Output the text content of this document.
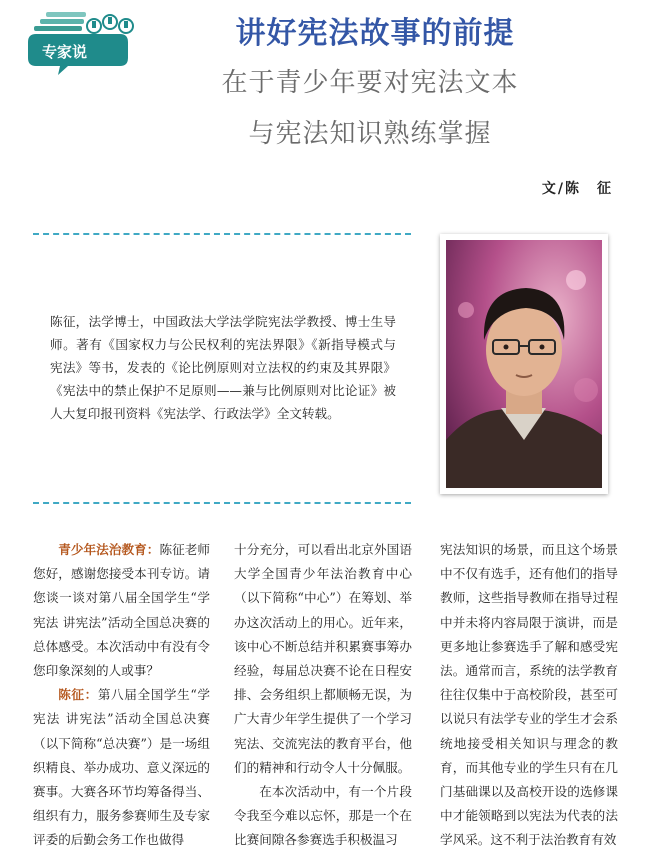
专家说
讲好宪法故事的前提
在于青少年要对宪法文本
与宪法知识熟练掌握
文/陈　征
陈征，法学博士，中国政法大学法学院宪法学教授、博士生导师。著有《国家权力与公民权利的宪法界限》《新指导模式与宪法》等书，发表的《论比例原则对立法权的约束及其界限》《宪法中的禁止保护不足原则——兼与比例原则对比论证》被人大复印报刊资料《宪法学、行政法学》全文转载。

青少年法治教育：陈征老师您好，感谢您接受本刊专访。请您谈一谈对第八届全国学生“学宪法 讲宪法”活动全国总决赛的总体感受。本次活动中有没有令您印象深刻的人或事？

陈征：第八届全国学生“学宪法 讲宪法”活动全国总决赛（以下简称“总决赛”）是一场组织精良、举办成功、意义深远的赛事。大赛各环节均筹备得当、组织有力，服务参赛师生及专家评委的后勤会务工作也做得

十分充分，可以看出北京外国语大学全国青少年法治教育中心（以下简称“中心”）在筹划、举办这次活动上的用心。近年来，该中心不断总结并积累赛事筹办经验，每届总决赛不论在日程安排、会务组织上都顺畅无误，为广大青少年学生提供了一个学习宪法、交流宪法的教育平台，他们的精神和行动令人十分佩服。

在本次活动中，有一个片段令我至今难以忘怀，那是一个在比赛间隙各参赛选手积极温习

宪法知识的场景，而且这个场景中不仅有选手，还有他们的指导教师，这些指导教师在指导过程中并未将内容局限于演讲，而是更多地让参赛选手了解和感受宪法。通常而言，系统的法学教育往往仅集中于高校阶段，甚至可以说只有法学专业的学生才会系统地接受相关知识与理念的教育，而其他专业的学生只有在几门基础课以及高校开设的选修课中才能领略到以宪法为代表的法学风采。这不利于法治教育有效
